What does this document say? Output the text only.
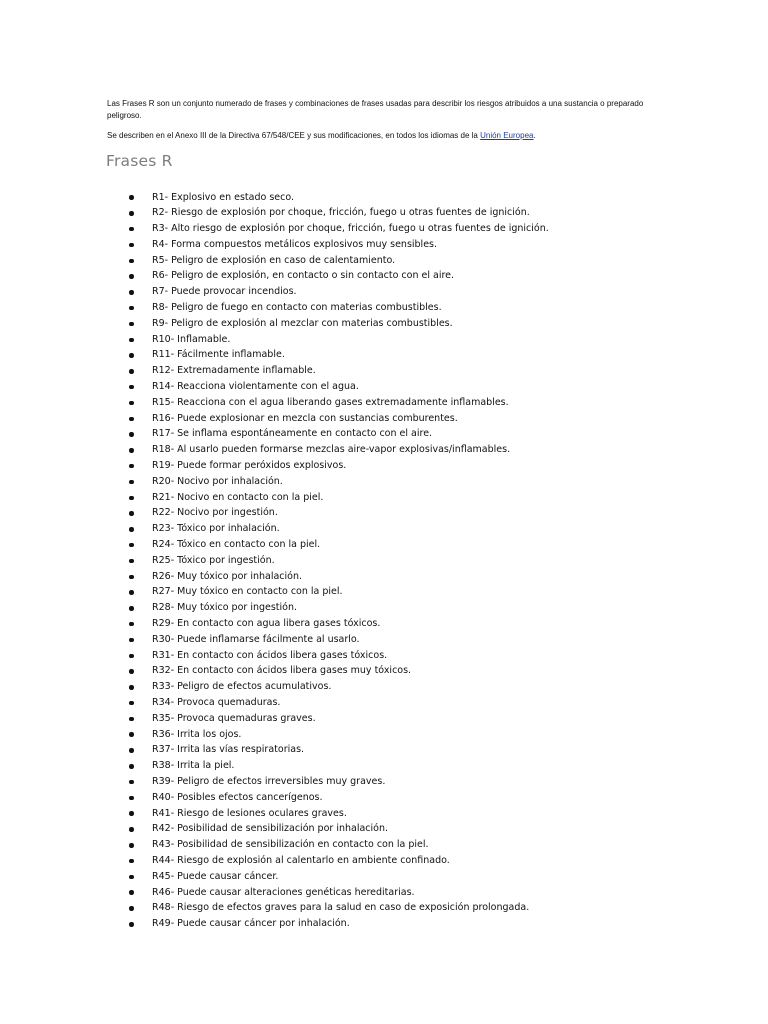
Las Frases R son un conjunto numerado de frases y combinaciones de frases usadas para describir los riesgos atribuidos a una sustancia o preparado peligroso.

Se describen en el Anexo III de la Directiva 67/548/CEE y sus modificaciones, en todos los idiomas de la Unión Europea.

Frases R
R1- Explosivo en estado seco.
R2- Riesgo de explosión por choque, fricción, fuego u otras fuentes de ignición.
R3- Alto riesgo de explosión por choque, fricción, fuego u otras fuentes de ignición.
R4- Forma compuestos metálicos explosivos muy sensibles.
R5- Peligro de explosión en caso de calentamiento.
R6- Peligro de explosión, en contacto o sin contacto con el aire.
R7- Puede provocar incendios.
R8- Peligro de fuego en contacto con materias combustibles.
R9- Peligro de explosión al mezclar con materias combustibles.
R10- Inflamable.
R11- Fácilmente inflamable.
R12- Extremadamente inflamable.
R14- Reacciona violentamente con el agua.
R15- Reacciona con el agua liberando gases extremadamente inflamables.
R16- Puede explosionar en mezcla con sustancias comburentes.
R17- Se inflama espontáneamente en contacto con el aire.
R18- Al usarlo pueden formarse mezclas aire-vapor explosivas/inflamables.
R19- Puede formar peróxidos explosivos.
R20- Nocivo por inhalación.
R21- Nocivo en contacto con la piel.
R22- Nocivo por ingestión.
R23- Tóxico por inhalación.
R24- Tóxico en contacto con la piel.
R25- Tóxico por ingestión.
R26- Muy tóxico por inhalación.
R27- Muy tóxico en contacto con la piel.
R28- Muy tóxico por ingestión.
R29- En contacto con agua libera gases tóxicos.
R30- Puede inflamarse fácilmente al usarlo.
R31- En contacto con ácidos libera gases tóxicos.
R32- En contacto con ácidos libera gases muy tóxicos.
R33- Peligro de efectos acumulativos.
R34- Provoca quemaduras.
R35- Provoca quemaduras graves.
R36- Irrita los ojos.
R37- Irrita las vías respiratorias.
R38- Irrita la piel.
R39- Peligro de efectos irreversibles muy graves.
R40- Posibles efectos cancerígenos.
R41- Riesgo de lesiones oculares graves.
R42- Posibilidad de sensibilización por inhalación.
R43- Posibilidad de sensibilización en contacto con la piel.
R44- Riesgo de explosión al calentarlo en ambiente confinado.
R45- Puede causar cáncer.
R46- Puede causar alteraciones genéticas hereditarias.
R48- Riesgo de efectos graves para la salud en caso de exposición prolongada.
R49- Puede causar cáncer por inhalación.
